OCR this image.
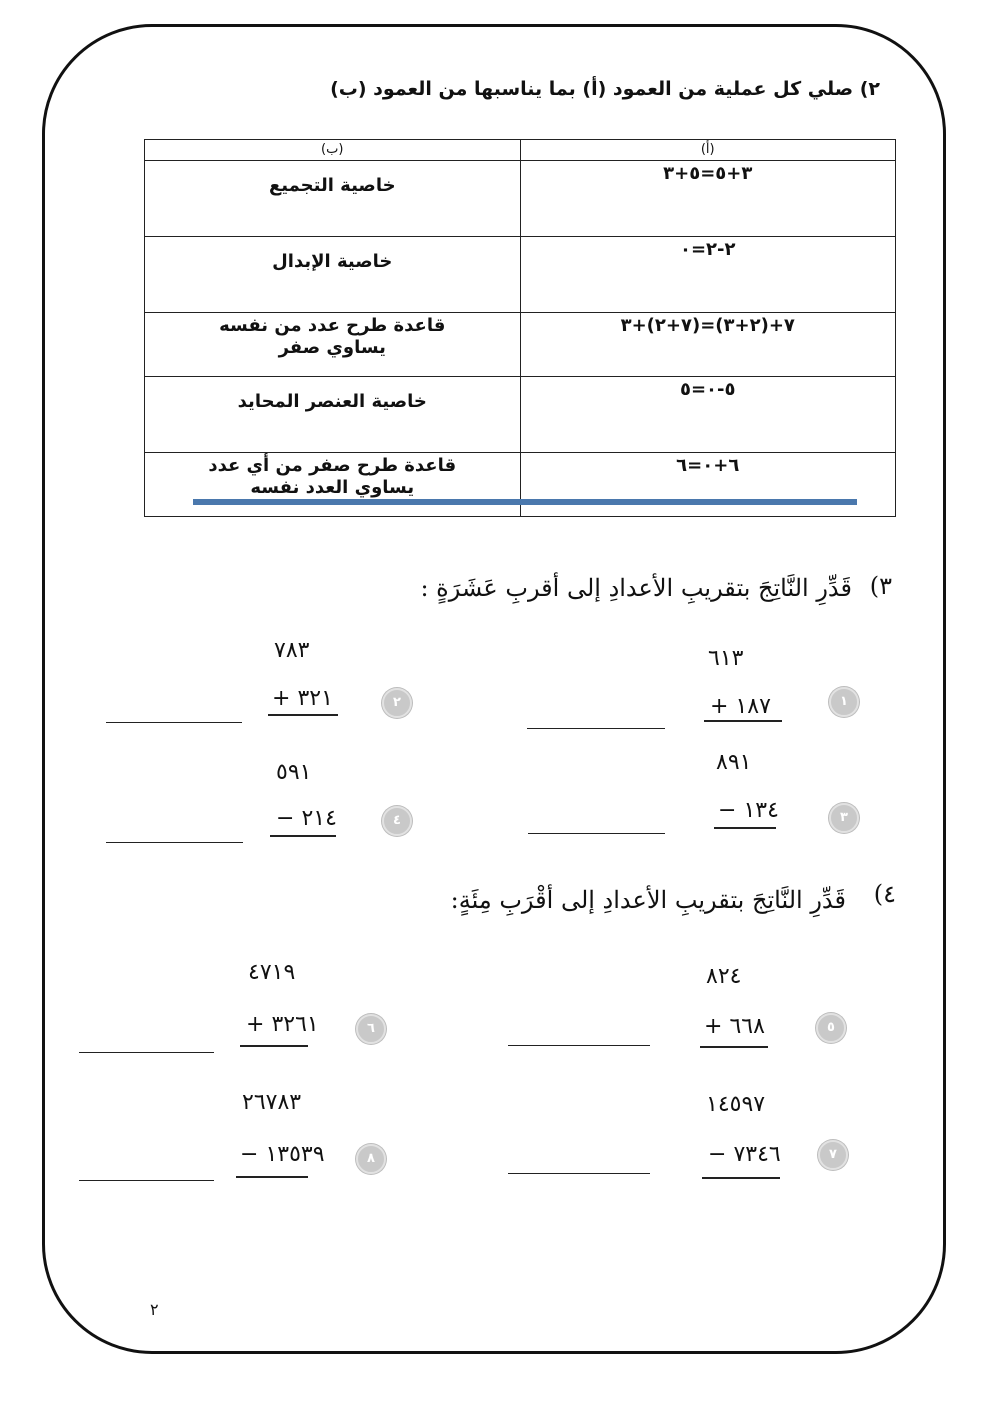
٢) صلي كل عملية من العمود (أ) بما يناسبها من العمود (ب)
(أ)	(ب)
٣+٥=٥+٣	خاصية التجميع
٢-٢=٠	خاصية الإبدال
٧+(٢+٣)=(٧+٢)+٣	قاعدة طرح عدد من نفسه يساوي صفر
٥-٠=٥	خاصية العنصر المحايد
٦+٠=٦	قاعدة طرح صفر من أي عدد يساوي العدد نفسه
٣)
قَدِّرِ النَّاتِجَ بتقريبِ الأعدادِ إلى أقربِ عَشَرَةٍ :
٦١٣
١٨٧ +	١
٧٨٣
٣٢١ +	٢
٨٩١
١٣٤ −	٣
٥٩١
٢١٤ −	٤
٤)
قَدِّرِ النَّاتِجَ بتقريبِ الأعدادِ إلى أقْرَبِ مِئَةٍ:
٨٢٤
٦٦٨ +	٥
٤٧١٩
٣٢٦١ +	٦
١٤٥٩٧
٧٣٤٦ −	٧
٢٦٧٨٣
١٣٥٣٩ −	٨
٢
